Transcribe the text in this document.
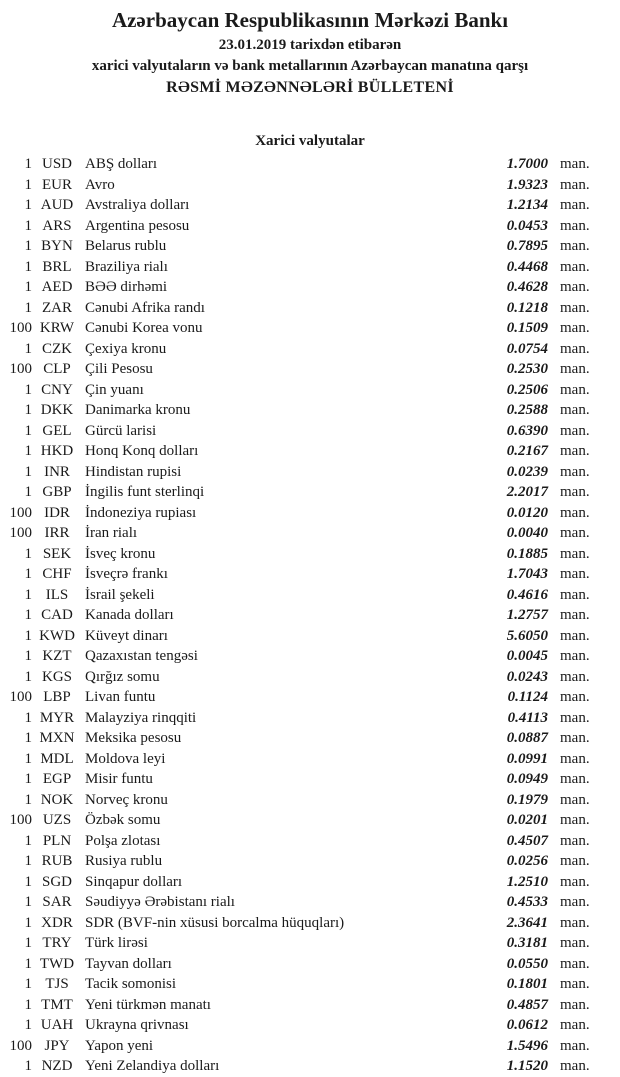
Azərbaycan Respublikasının Mərkəzi Bankı
23.01.2019 tarixdən etibarən
xarici valyutaların və bank metallarının Azərbaycan manatına qarşı
RƏSMİ MƏZƏNNƏLƏRİ BÜLLETENİ
Xarici valyutalar
1 USD ABŞ dolları	1.7000 man.
1 EUR Avro	1.9323 man.
1 AUD Avstraliya dolları	1.2134 man.
1 ARS Argentina pesosu	0.0453 man.
1 BYN Belarus rublu	0.7895 man.
1 BRL Braziliya rialı	0.4468 man.
1 AED BƏƏ dirhəmi	0.4628 man.
1 ZAR Cənubi Afrika randı	0.1218 man.
100 KRW Cənubi Korea vonu	0.1509 man.
1 CZK Çexiya kronu	0.0754 man.
100 CLP Çili Pesosu	0.2530 man.
1 CNY Çin yuanı	0.2506 man.
1 DKK Danimarka kronu	0.2588 man.
1 GEL Gürcü larisi	0.6390 man.
1 HKD Honq Konq dolları	0.2167 man.
1 INR	Hindistan rupisi	0.0239 man.
1 GBP İngilis funt sterlinqi	2.2017 man.
100 IDR	İndoneziya rupiası	0.0120 man.
100 IRR	İran rialı	0.0040 man.
1 SEK İsveç kronu	0.1885 man.
1 CHF İsveçrə frankı	1.7043 man.
1 ILS	İsrail şekeli	0.4616 man.
1 CAD Kanada dolları	1.2757 man.
1 KWD Küveyt dinarı	5.6050 man.
1 KZT Qazaxıstan tengəsi	0.0045 man.
1 KGS Qırğız somu	0.0243 man.
100 LBP Livan funtu	0.1124 man.
1 MYR Malayziya rinqqiti	0.4113 man.
1 MXN Meksika pesosu	0.0887 man.
1 MDL Moldova leyi	0.0991 man.
1 EGP Misir funtu	0.0949 man.
1 NOK Norveç kronu	0.1979 man.
100 UZS Özbək somu	0.0201 man.
1 PLN Polşa zlotası	0.4507 man.
1 RUB Rusiya rublu	0.0256 man.
1 SGD Sinqapur dolları	1.2510 man.
1 SAR Səudiyyə Ərəbistanı rialı	0.4533 man.
1 XDR SDR (BVF-nin xüsusi borcalma hüquqları)	2.3641 man.
1 TRY Türk lirəsi	0.3181 man.
1 TWD Tayvan dolları	0.0550 man.
1 TJS	Tacik somonisi	0.1801 man.
1 TMT Yeni türkmən manatı	0.4857 man.
1 UAH Ukrayna qrivnası	0.0612 man.
100 JPY	Yapon yeni	1.5496 man.
1 NZD Yeni Zelandiya dolları	1.1520 man.
